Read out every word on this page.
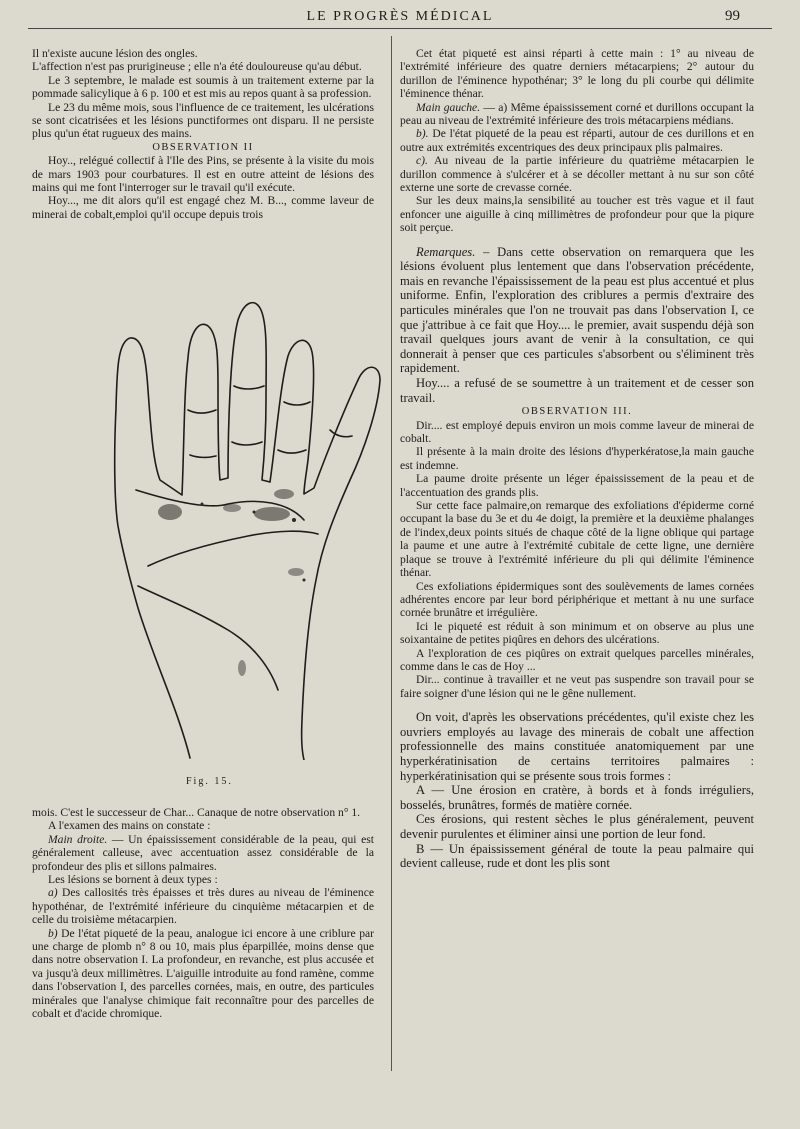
LE PROGRÈS MÉDICAL	99

Il n'existe aucune lésion des ongles.

L'affection n'est pas prurigineuse ; elle n'a été douloureuse qu'au début.

Le 3 septembre, le malade est soumis à un traitement externe par la pommade salicylique à 6 p. 100 et est mis au repos quant à sa profession.

Le 23 du même mois, sous l'influence de ce traitement, les ulcérations se sont cicatrisées et les lésions punctiformes ont disparu. Il ne persiste plus qu'un état rugueux des mains.

OBSERVATION II

Hoy.., relégué collectif à l'Ile des Pins, se présente à la visite du mois de mars 1903 pour courbatures. Il est en outre atteint de lésions des mains qui me font l'interroger sur le travail qu'il exécute.

Hoy..., me dit alors qu'il est engagé chez M. B..., comme laveur de minerai de cobalt,emploi qu'il occupe depuis trois

Fig. 15.

mois. C'est le successeur de Char... Canaque de notre observation n° 1.

A l'examen des mains on constate :

Main droite. — Un épaississement considérable de la peau, qui est généralement calleuse, avec accentuation assez considérable de la profondeur des plis et sillons palmaires.

Les lésions se bornent à deux types :

a) Des callosités très épaisses et très dures au niveau de l'éminence hypothénar, de l'extrémité inférieure du cinquième métacarpien et de celle du troisième métacarpien.

b) De l'état piqueté de la peau, analogue ici encore à une criblure par une charge de plomb n° 8 ou 10, mais plus éparpillée, moins dense que dans notre observation I. La profondeur, en revanche, est plus accusée et va jusqu'à deux millimètres. L'aiguille introduite au fond ramène, comme dans l'observation I, des parcelles cornées, mais, en outre, des particules minérales que l'analyse chimique fait reconnaître pour des parcelles de cobalt et d'acide chromique.

Cet état piqueté est ainsi réparti à cette main : 1° au niveau de l'extrémité inférieure des quatre derniers métacarpiens; 2° autour du durillon de l'éminence hypothénar; 3° le long du pli courbe qui délimite l'éminence thénar.

Main gauche. — a) Même épaississement corné et durillons occupant la peau au niveau de l'extrémité inférieure des trois métacarpiens médians.

b). De l'état piqueté de la peau est réparti, autour de ces durillons et en outre aux extrémités excentriques des deux principaux plis palmaires.

c). Au niveau de la partie inférieure du quatrième métacarpien le durillon commence à s'ulcérer et à se décoller mettant à nu sur son côté externe une sorte de crevasse cornée.

Sur les deux mains,la sensibilité au toucher est très vague et il faut enfoncer une aiguille à cinq millimètres de profondeur pour que la piqure soit perçue.

Remarques. – Dans cette observation on remarquera que les lésions évoluent plus lentement que dans l'observation précédente, mais en revanche l'épaississement de la peau est plus accentué et plus uniforme. Enfin, l'exploration des criblures a permis d'extraire des particules minérales que l'on ne trouvait pas dans l'observation I, ce que j'attribue à ce fait que Hoy.... le premier, avait suspendu déjà son travail quelques jours avant de venir à la consultation, ce qui donnerait à penser que ces particules s'absorbent ou s'éliminent très rapidement.

Hoy.... a refusé de se soumettre à un traitement et de cesser son travail.

OBSERVATION III.

Dir.... est employé depuis environ un mois comme laveur de minerai de cobalt.

Il présente à la main droite des lésions d'hyperkératose,la main gauche est indemne.

La paume droite présente un léger épaississement de la peau et de l'accentuation des grands plis.

Sur cette face palmaire,on remarque des exfoliations d'épiderme corné occupant la base du 3e et du 4e doigt, la première et la deuxième phalanges de l'index,deux points situés de chaque côté de la ligne oblique qui partage la paume et une autre à l'extrémité cubitale de cette ligne, une dernière plaque se trouve à l'extrémité inférieure du pli qui délimite l'éminence thénar.

Ces exfoliations épidermiques sont des soulèvements de lames cornées adhérentes encore par leur bord périphérique et mettant à nu une surface cornée brunâtre et irrégulière.

Ici le piqueté est réduit à son minimum et on observe au plus une soixantaine de petites piqûres en dehors des ulcérations.

A l'exploration de ces piqûres on extrait quelques parcelles minérales, comme dans le cas de Hoy ...

Dir... continue à travailler et ne veut pas suspendre son travail pour se faire soigner d'une lésion qui ne le gêne nullement.

On voit, d'après les observations précédentes, qu'il existe chez les ouvriers employés au lavage des minerais de cobalt une affection professionnelle des mains constituée anatomiquement par une hyperkératinisation de certains territoires palmaires : hyperkératinisation qui se présente sous trois formes :

A — Une érosion en cratère, à bords et à fonds irréguliers, bosselés, brunâtres, formés de matière cornée.

Ces érosions, qui restent sèches le plus généralement, peuvent devenir purulentes et éliminer ainsi une portion de leur fond.

B — Un épaississement général de toute la peau palmaire qui devient calleuse, rude et dont les plis sont
